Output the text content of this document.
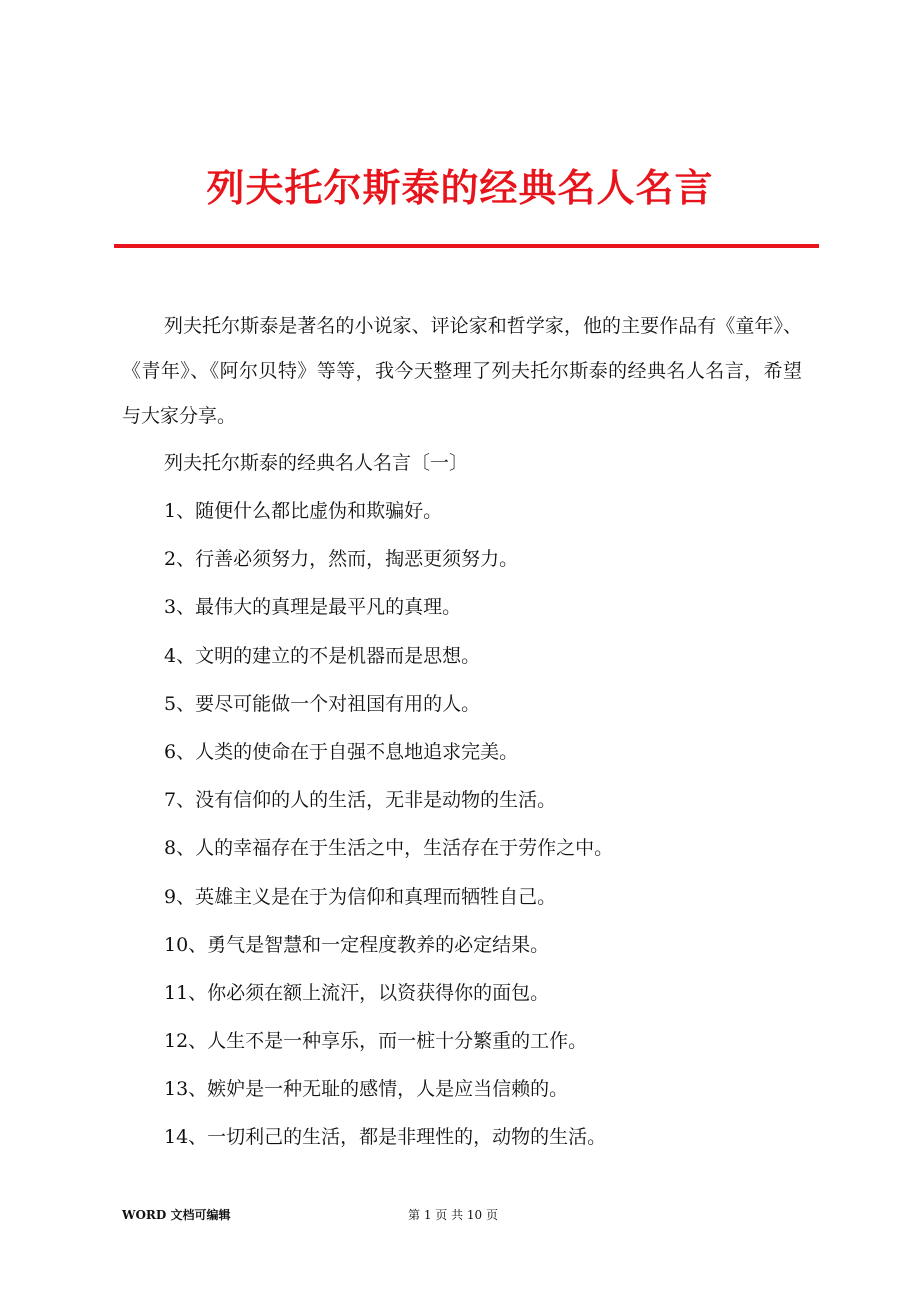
列夫托尔斯泰的经典名人名言

列夫托尔斯泰是著名的小说家、评论家和哲学家，他的主要作品有《童年》、《青年》、《阿尔贝特》等等，我今天整理了列夫托尔斯泰的经典名人名言，希望与大家分享。

列夫托尔斯泰的经典名人名言〔一〕
1、随便什么都比虚伪和欺骗好。
2、行善必须努力，然而，掏恶更须努力。
3、最伟大的真理是最平凡的真理。
4、文明的建立的不是机器而是思想。
5、要尽可能做一个对祖国有用的人。
6、人类的使命在于自强不息地追求完美。
7、没有信仰的人的生活，无非是动物的生活。
8、人的幸福存在于生活之中，生活存在于劳作之中。
9、英雄主义是在于为信仰和真理而牺牲自己。
10、勇气是智慧和一定程度教养的必定结果。
11、你必须在额上流汗，以资获得你的面包。
12、人生不是一种享乐，而一桩十分繁重的工作。
13、嫉妒是一种无耻的感情，人是应当信赖的。
14、一切利己的生活，都是非理性的，动物的生活。
WORD 文档可编辑	第 1 页 共 10 页
